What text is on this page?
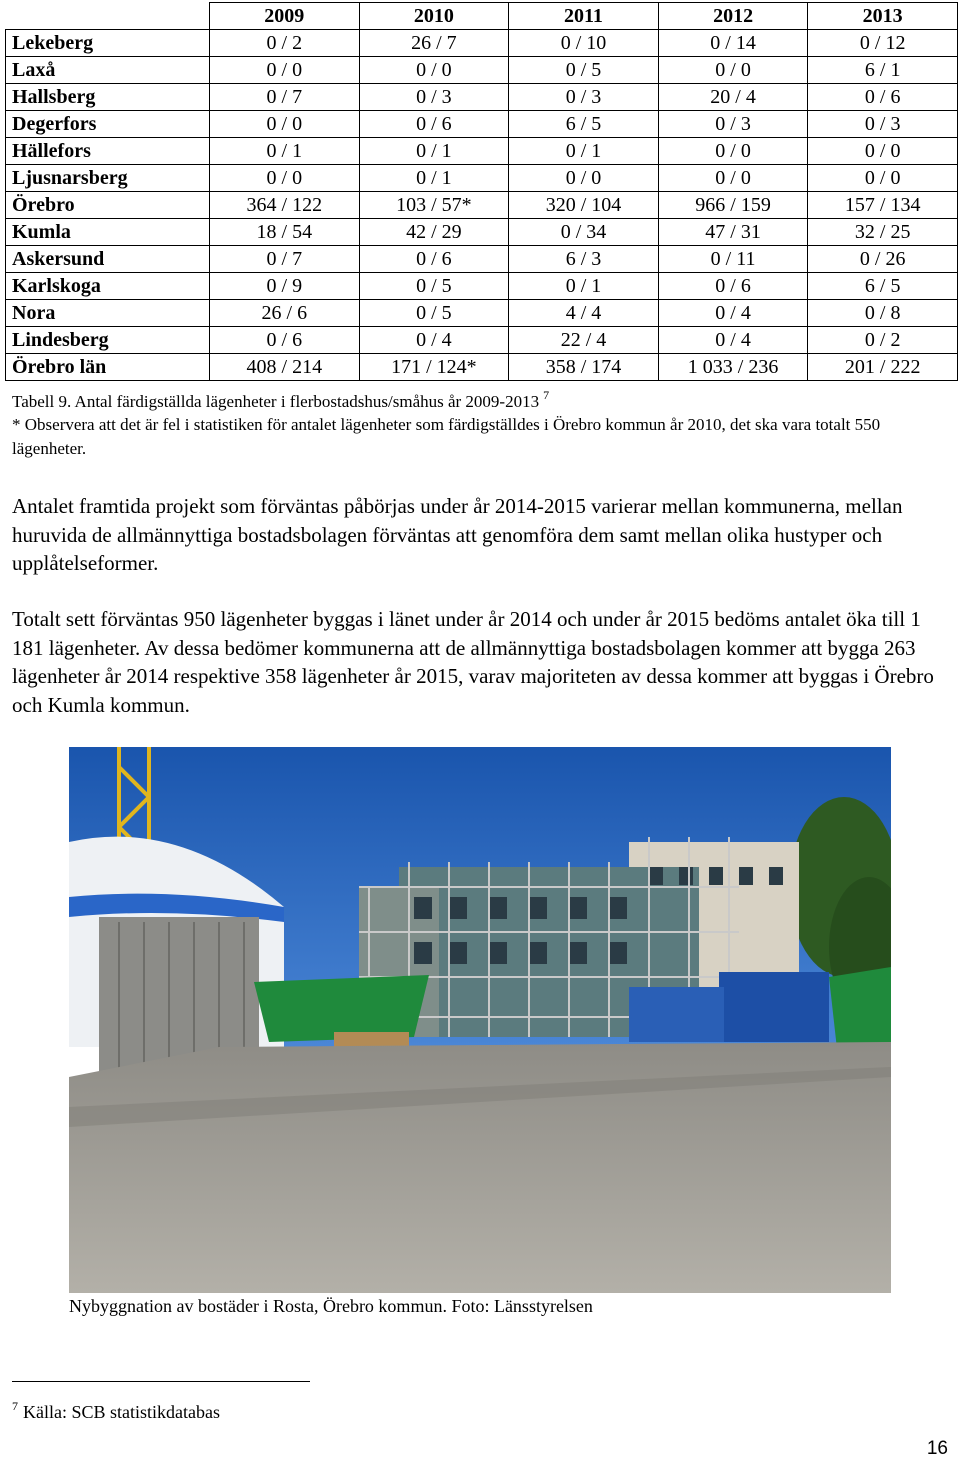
	2009	2010	2011	2012	2013
Lekeberg	0 / 2	26 / 7	0 / 10	0 / 14	0 / 12
Laxå	0 / 0	0 / 0	0 / 5	0 / 0	6 / 1
Hallsberg	0 / 7	0 / 3	0 / 3	20 / 4	0 / 6
Degerfors	0 / 0	0 / 6	6 / 5	0 / 3	0 / 3
Hällefors	0 / 1	0 / 1	0 / 1	0 / 0	0 / 0
Ljusnarsberg	0 / 0	0 / 1	0 / 0	0 / 0	0 / 0
Örebro	364 / 122	103 / 57*	320 / 104	966 / 159	157 / 134
Kumla	18 / 54	42 / 29	0 / 34	47 / 31	32 / 25
Askersund	0 / 7	0 / 6	6 / 3	0 / 11	0 / 26
Karlskoga	0 / 9	0 / 5	0 / 1	0 / 6	6 / 5
Nora	26 / 6	0 / 5	4 / 4	0 / 4	0 / 8
Lindesberg	0 / 6	0 / 4	22 / 4	0 / 4	0 / 2
Örebro län	408 / 214	171 / 124*	358 / 174	1 033 / 236	201 / 222
Tabell 9. Antal färdigställda lägenheter i flerbostadshus/småhus år 2009-2013 $^7$
* Observera att det är fel i statistiken för antalet lägenheter som färdigställdes i Örebro kommun år 2010, det ska vara totalt 550 lägenheter.

Antalet framtida projekt som förväntas påbörjas under år 2014-2015 varierar mellan kommunerna, mellan huruvida de allmännyttiga bostadsbolagen förväntas att genomföra dem samt mellan olika hustyper och upplåtelseformer.

Totalt sett förväntas 950 lägenheter byggas i länet under år 2014 och under år 2015 bedöms antalet öka till 1 181 lägenheter. Av dessa bedömer kommunerna att de allmännyttiga bostadsbolagen kommer att bygga 263 lägenheter år 2014 respektive 358 lägenheter år 2015, varav majoriteten av dessa kommer att byggas i Örebro och Kumla kommun.

Nybyggnation av bostäder i Rosta, Örebro kommun. Foto: Länsstyrelsen
$^7$ Källa: SCB statistikdatabas
16
